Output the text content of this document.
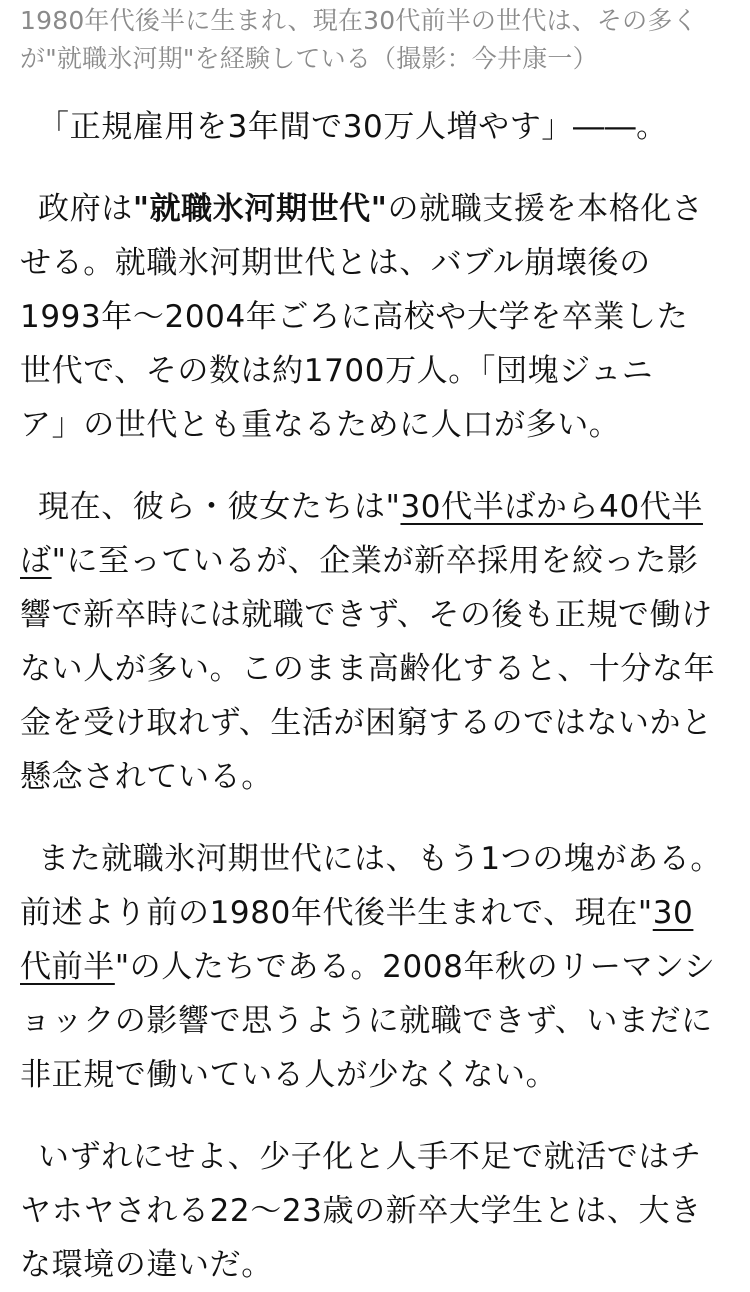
1980年代後半に生まれ、現在30代前半の世代は、その多く
が"就職氷河期"を経験している（撮影：今井康一）

「正規雇用を3年間で30万人増やす」――。

政府は"就職氷河期世代"の就職支援を本格化さ
せる。就職氷河期世代とは、バブル崩壊後の
1993年〜2004年ごろに高校や大学を卒業した
世代で、その数は約1700万人。「団塊ジュニ
ア」の世代とも重なるために人口が多い。

現在、彼ら・彼女たちは"30代半ばから40代半
ば"に至っているが、企業が新卒採用を絞った影
響で新卒時には就職できず、その後も正規で働け
ない人が多い。このまま高齢化すると、十分な年
金を受け取れず、生活が困窮するのではないかと
懸念されている。

また就職氷河期世代には、もう1つの塊がある。
前述より前の1980年代後半生まれで、現在"30
代前半"の人たちである。2008年秋のリーマンシ
ョックの影響で思うように就職できず、いまだに
非正規で働いている人が少なくない。

いずれにせよ、少子化と人手不足で就活ではチ
ヤホヤされる22〜23歳の新卒大学生とは、大き
な環境の違いだ。
